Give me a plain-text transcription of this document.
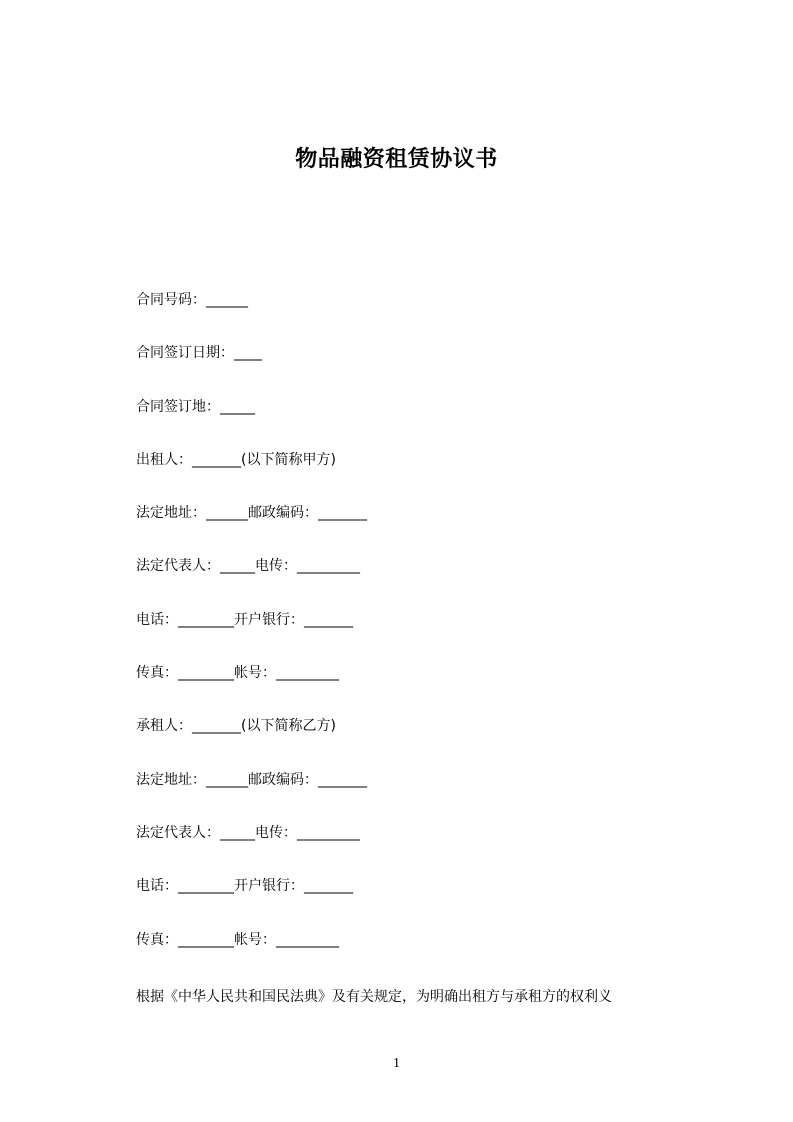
物品融资租赁协议书
合同号码：______
合同签订日期：____
合同签订地：_____
出租人：_______(以下简称甲方)
法定地址：______邮政编码：_______
法定代表人：_____电传：_________
电话：________开户银行：_______
传真：________帐号：_________
承租人：_______(以下简称乙方)
法定地址：______邮政编码：_______
法定代表人：_____电传：_________
电话：________开户银行：_______
传真：________帐号：_________
根据《中华人民共和国民法典》及有关规定，为明确出租方与承租方的权利义
1
